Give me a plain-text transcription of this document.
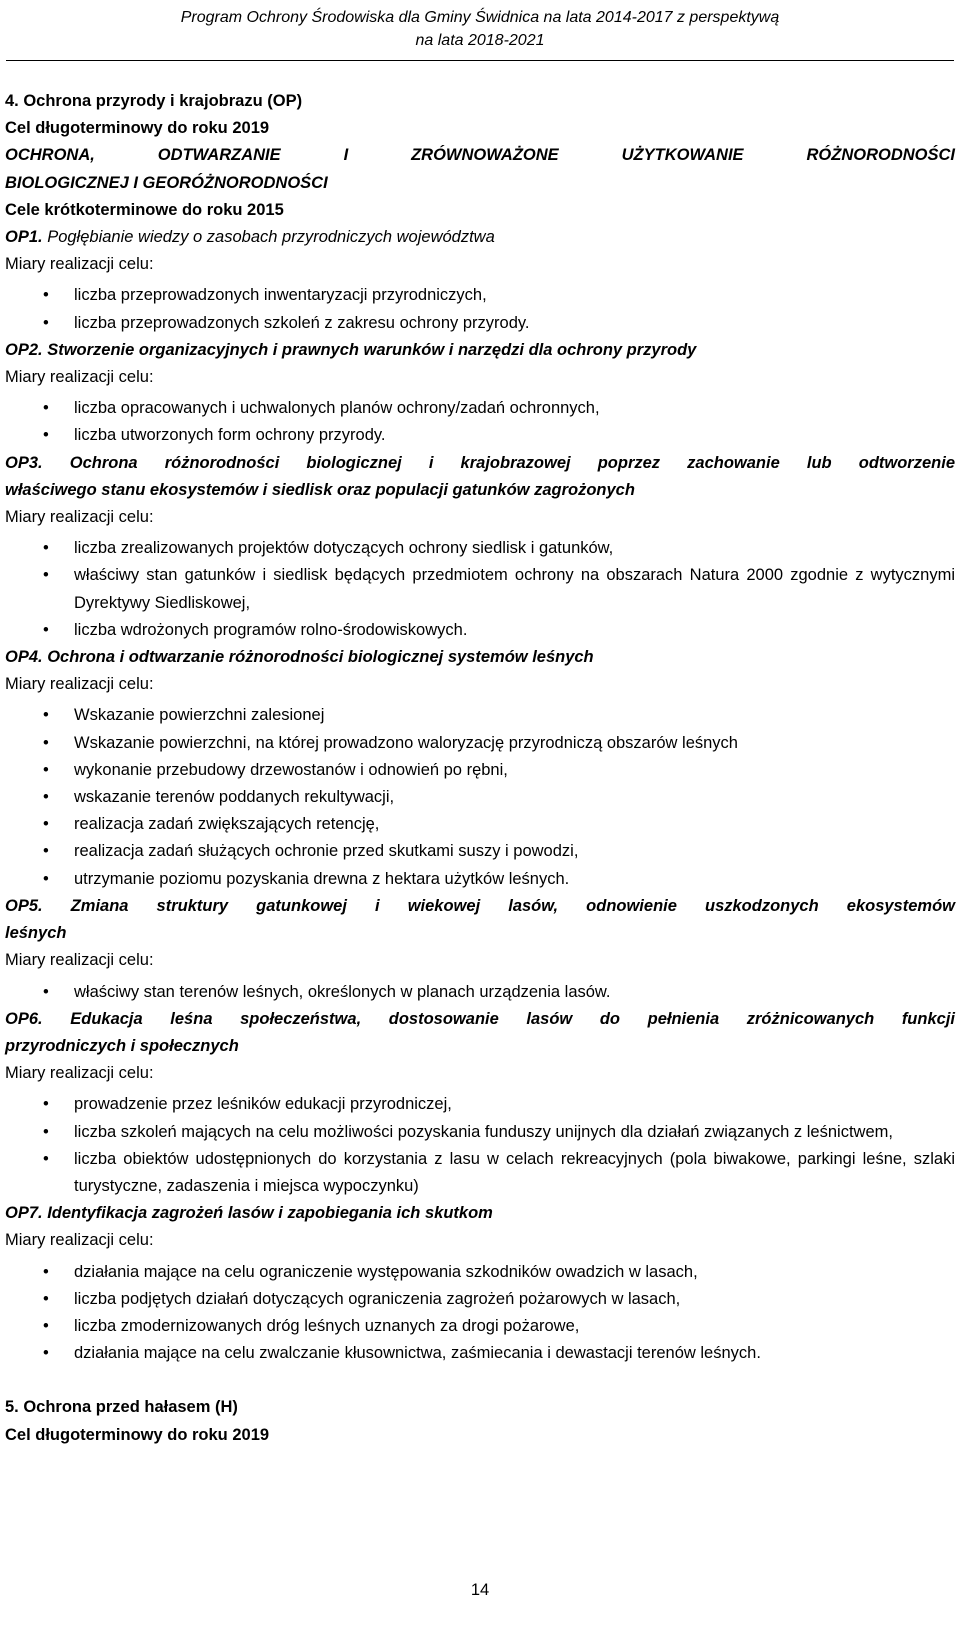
Program Ochrony Środowiska dla Gminy Świdnica na lata 2014-2017 z perspektywą
na lata 2018-2021
4. Ochrona przyrody i krajobrazu (OP)
Cel długoterminowy do roku 2019
OCHRONA, ODTWARZANIE I ZRÓWNOWAŻONE UŻYTKOWANIE RÓŻNORODNOŚCI
BIOLOGICZNEJ I GEORÓŻNORODNOŚCI
Cele krótkoterminowe do roku 2015
OP1. Pogłębianie wiedzy o zasobach przyrodniczych województwa
Miary realizacji celu:
• liczba przeprowadzonych inwentaryzacji przyrodniczych,
• liczba przeprowadzonych szkoleń z zakresu ochrony przyrody.
OP2. Stworzenie organizacyjnych i prawnych warunków i narzędzi dla ochrony przyrody
Miary realizacji celu:
• liczba opracowanych i uchwalonych planów ochrony/zadań ochronnych,
• liczba utworzonych form ochrony przyrody.
OP3. Ochrona różnorodności biologicznej i krajobrazowej poprzez zachowanie lub odtworzenie
właściwego stanu ekosystemów i siedlisk oraz populacji gatunków zagrożonych
Miary realizacji celu:
• liczba zrealizowanych projektów dotyczących ochrony siedlisk i gatunków,
• właściwy stan gatunków i siedlisk będących przedmiotem ochrony na obszarach Natura 2000 zgodnie z wytycznymi Dyrektywy Siedliskowej,
• liczba wdrożonych programów rolno-środowiskowych.
OP4. Ochrona i odtwarzanie różnorodności biologicznej systemów leśnych
Miary realizacji celu:
• Wskazanie powierzchni zalesionej
• Wskazanie powierzchni, na której prowadzono waloryzację przyrodniczą obszarów leśnych
• wykonanie przebudowy drzewostanów i odnowień po rębni,
• wskazanie terenów poddanych rekultywacji,
• realizacja zadań zwiększających retencję,
• realizacja zadań służących ochronie przed skutkami suszy i powodzi,
• utrzymanie poziomu pozyskania drewna z hektara użytków leśnych.
OP5. Zmiana struktury gatunkowej i wiekowej lasów, odnowienie uszkodzonych ekosystemów
leśnych
Miary realizacji celu:
• właściwy stan terenów leśnych, określonych w planach urządzenia lasów.
OP6. Edukacja leśna społeczeństwa, dostosowanie lasów do pełnienia zróżnicowanych funkcji
przyrodniczych i społecznych
Miary realizacji celu:
• prowadzenie przez leśników edukacji przyrodniczej,
• liczba szkoleń mających na celu możliwości pozyskania funduszy unijnych dla działań związanych z leśnictwem,
• liczba obiektów udostępnionych do korzystania z lasu w celach rekreacyjnych (pola biwakowe, parkingi leśne, szlaki turystyczne, zadaszenia i miejsca wypoczynku)
OP7. Identyfikacja zagrożeń lasów i zapobiegania ich skutkom
Miary realizacji celu:
• działania mające na celu ograniczenie występowania szkodników owadzich w lasach,
• liczba podjętych działań dotyczących ograniczenia zagrożeń pożarowych w lasach,
• liczba zmodernizowanych dróg leśnych uznanych za drogi pożarowe,
• działania mające na celu zwalczanie kłusownictwa, zaśmiecania i dewastacji terenów leśnych.
5. Ochrona przed hałasem (H)
Cel długoterminowy do roku 2019
14
